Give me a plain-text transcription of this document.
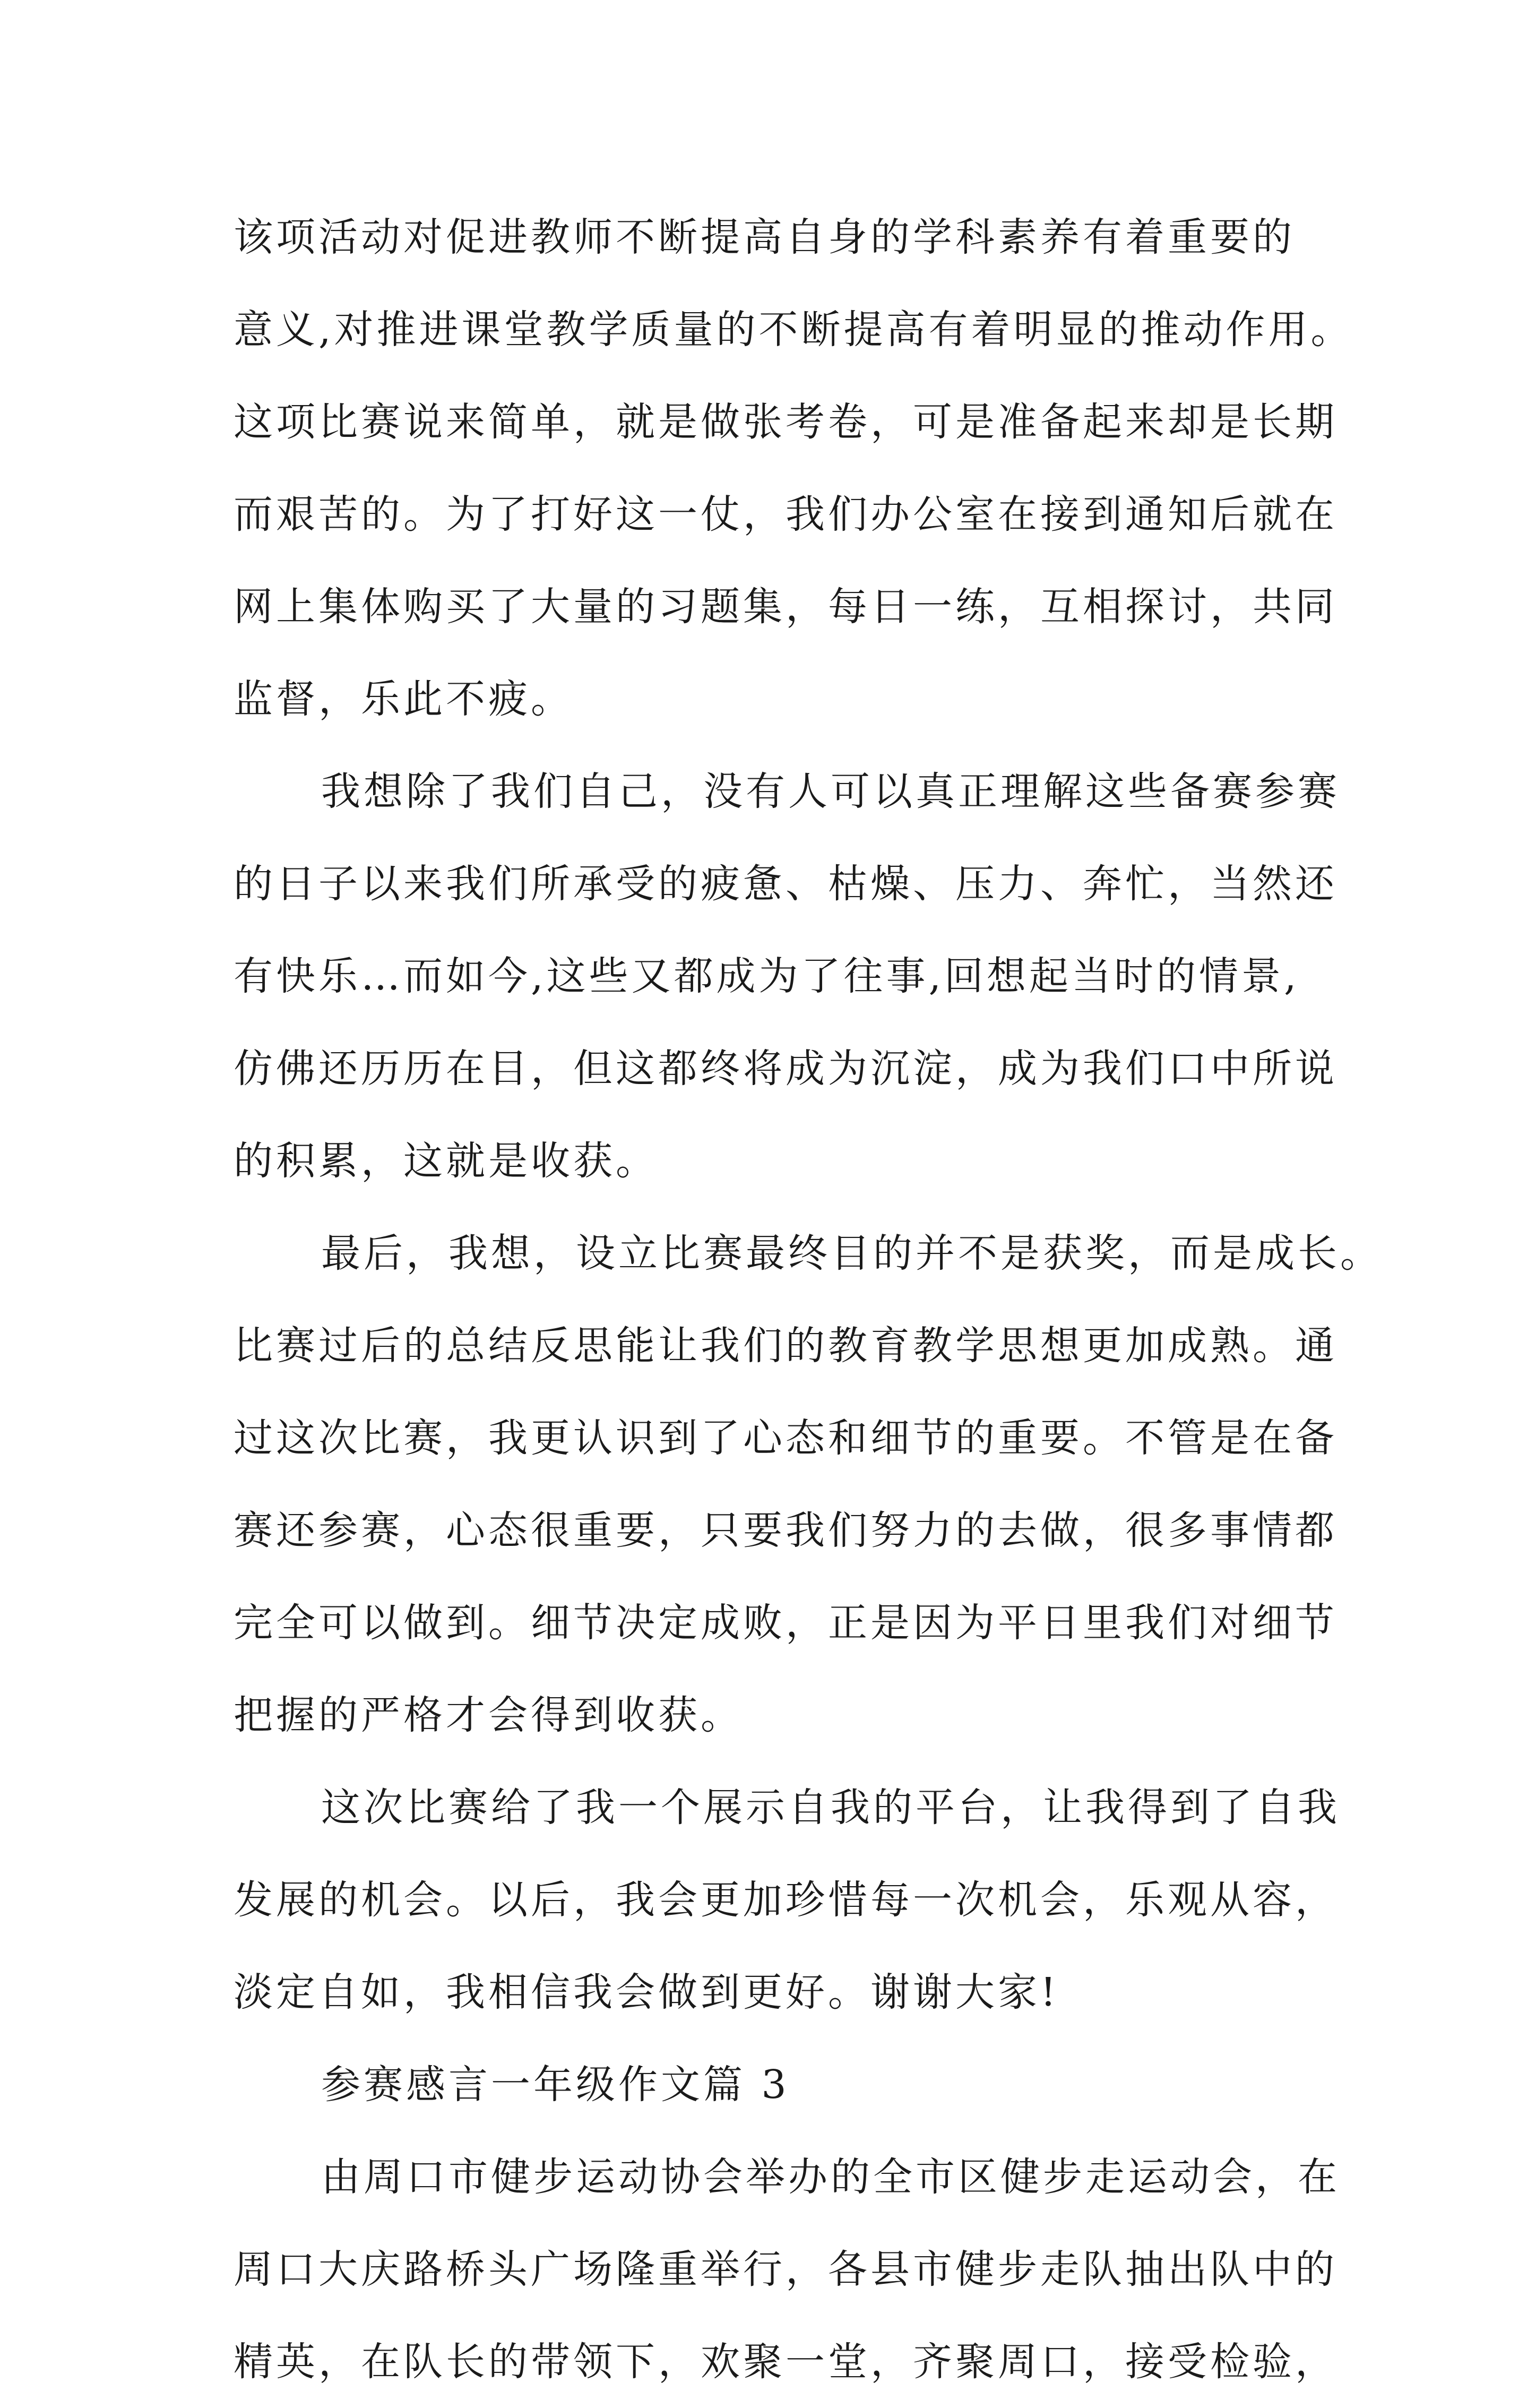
该项活动对促进教师不断提高自身的学科素养有着重要的
意义,对推进课堂教学质量的不断提高有着明显的推动作用。
这项比赛说来简单，就是做张考卷，可是准备起来却是长期
而艰苦的。为了打好这一仗，我们办公室在接到通知后就在
网上集体购买了大量的习题集，每日一练，互相探讨，共同
监督，乐此不疲。
我想除了我们自己，没有人可以真正理解这些备赛参赛
的日子以来我们所承受的疲惫、枯燥、压力、奔忙，当然还
有快乐…而如今,这些又都成为了往事,回想起当时的情景,
仿佛还历历在目，但这都终将成为沉淀，成为我们口中所说
的积累，这就是收获。
最后，我想，设立比赛最终目的并不是获奖，而是成长。
比赛过后的总结反思能让我们的教育教学思想更加成熟。通
过这次比赛，我更认识到了心态和细节的重要。不管是在备
赛还参赛，心态很重要，只要我们努力的去做，很多事情都
完全可以做到。细节决定成败，正是因为平日里我们对细节
把握的严格才会得到收获。
这次比赛给了我一个展示自我的平台，让我得到了自我
发展的机会。以后，我会更加珍惜每一次机会，乐观从容，
淡定自如，我相信我会做到更好。谢谢大家!
参赛感言一年级作文篇 3
由周口市健步运动协会举办的全市区健步走运动会，在
周口大庆路桥头广场隆重举行，各县市健步走队抽出队中的
精英，在队长的带领下，欢聚一堂，齐聚周口，接受检验，
